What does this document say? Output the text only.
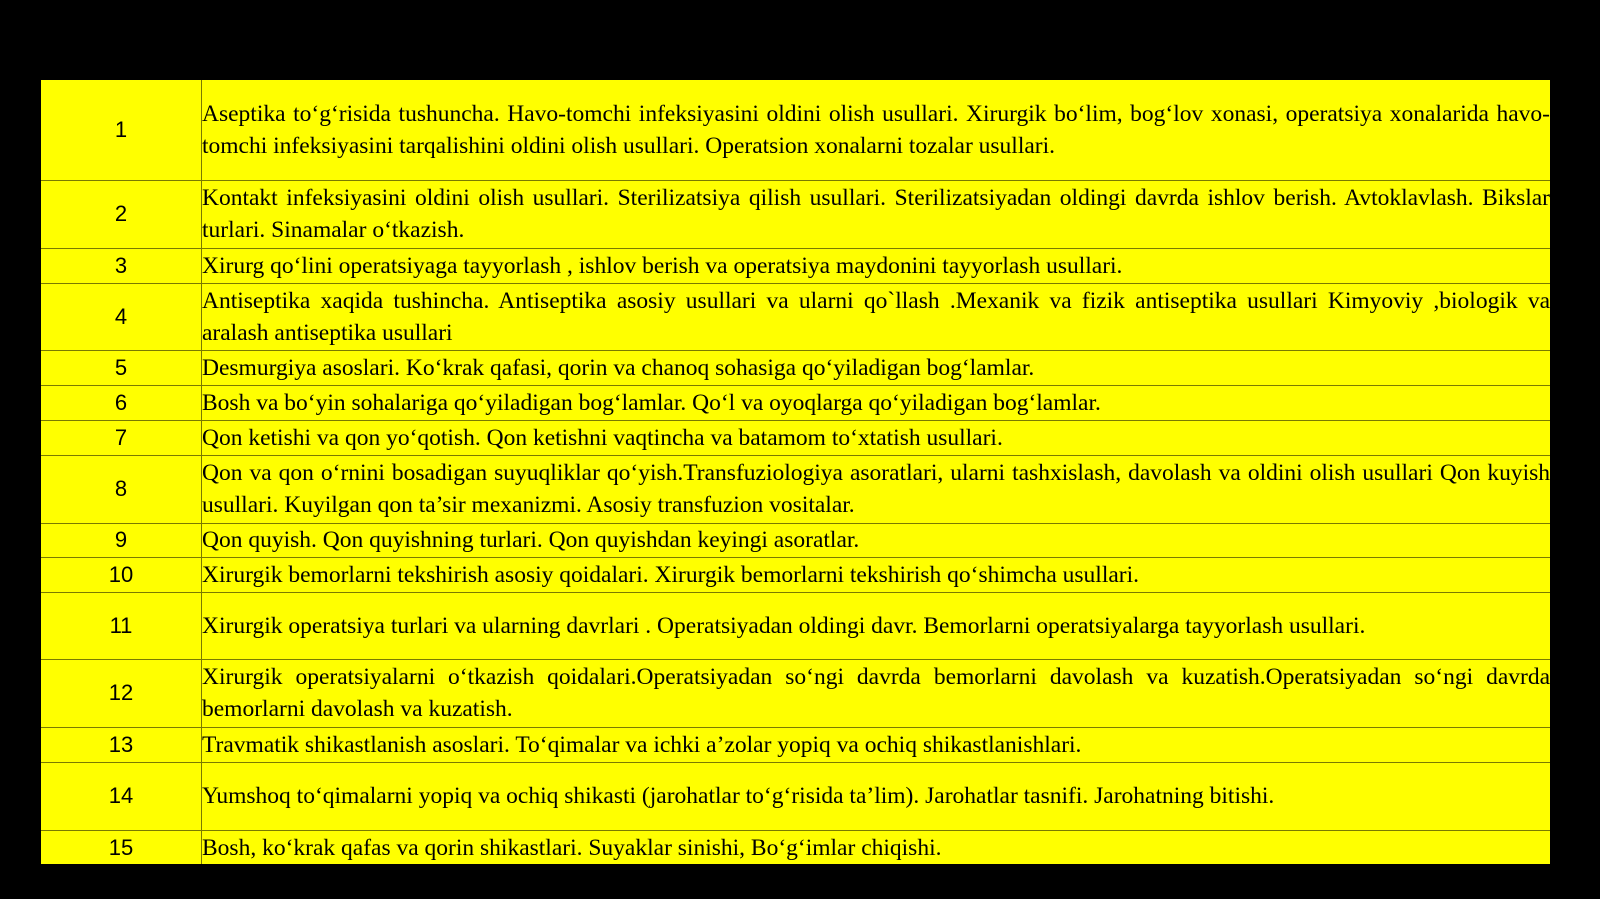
1	Aseptika to‘g‘risida tushuncha. Havo-tomchi infeksiyasini oldini olish usullari. Xirurgik bo‘lim, bog‘lov xonasi, operatsiya xonalarida havo-tomchi infeksiyasini tarqalishini oldini olish usullari. Operatsion xonalarni tozalar usullari.
2	Kontakt infeksiyasini oldini olish usullari. Sterilizatsiya qilish usullari. Sterilizatsiyadan oldingi davrda ishlov berish. Avtoklavlash. Bikslar turlari. Sinamalar o‘tkazish.
3	Xirurg qo‘lini operatsiyaga tayyorlash , ishlov berish va operatsiya maydonini tayyorlash usullari.
4	Antiseptika xaqida tushincha. Antiseptika asosiy usullari va ularni qo`llash .Mexanik va fizik antiseptika usullari Kimyoviy ,biologik va aralash antiseptika usullari
5	Desmurgiya asoslari. Ko‘krak qafasi, qorin va chanoq sohasiga qo‘yiladigan bog‘lamlar.
6	Bosh va bo‘yin sohalariga qo‘yiladigan bog‘lamlar. Qo‘l va oyoqlarga qo‘yiladigan bog‘lamlar.
7	Qon ketishi va qon yo‘qotish. Qon ketishni vaqtincha va batamom to‘xtatish usullari.
8	Qon va qon o‘rnini bosadigan suyuqliklar qo‘yish.Transfuziologiya asoratlari, ularni tashxislash, davolash va oldini olish usullari Qon kuyish usullari. Kuyilgan qon ta’sir mexanizmi. Asosiy transfuzion vositalar.
9	Qon quyish. Qon quyishning turlari. Qon quyishdan keyingi asoratlar.
10	Xirurgik bemorlarni tekshirish asosiy qoidalari. Xirurgik bemorlarni tekshirish qo‘shimcha usullari.
11	Xirurgik operatsiya turlari va ularning davrlari . Operatsiyadan oldingi davr. Bemorlarni operatsiyalarga tayyorlash usullari.
12	Xirurgik operatsiyalarni o‘tkazish qoidalari.Operatsiyadan so‘ngi davrda bemorlarni davolash va kuzatish.Operatsiyadan so‘ngi davrda bemorlarni davolash va kuzatish.
13	Travmatik shikastlanish asoslari. To‘qimalar va ichki a’zolar yopiq va ochiq shikastlanishlari.
14	Yumshoq to‘qimalarni yopiq va ochiq shikasti (jarohatlar to‘g‘risida ta’lim). Jarohatlar tasnifi. Jarohatning bitishi.
15	Bosh, ko‘krak qafas va qorin shikastlari. Suyaklar sinishi, Bo‘g‘imlar chiqishi.
